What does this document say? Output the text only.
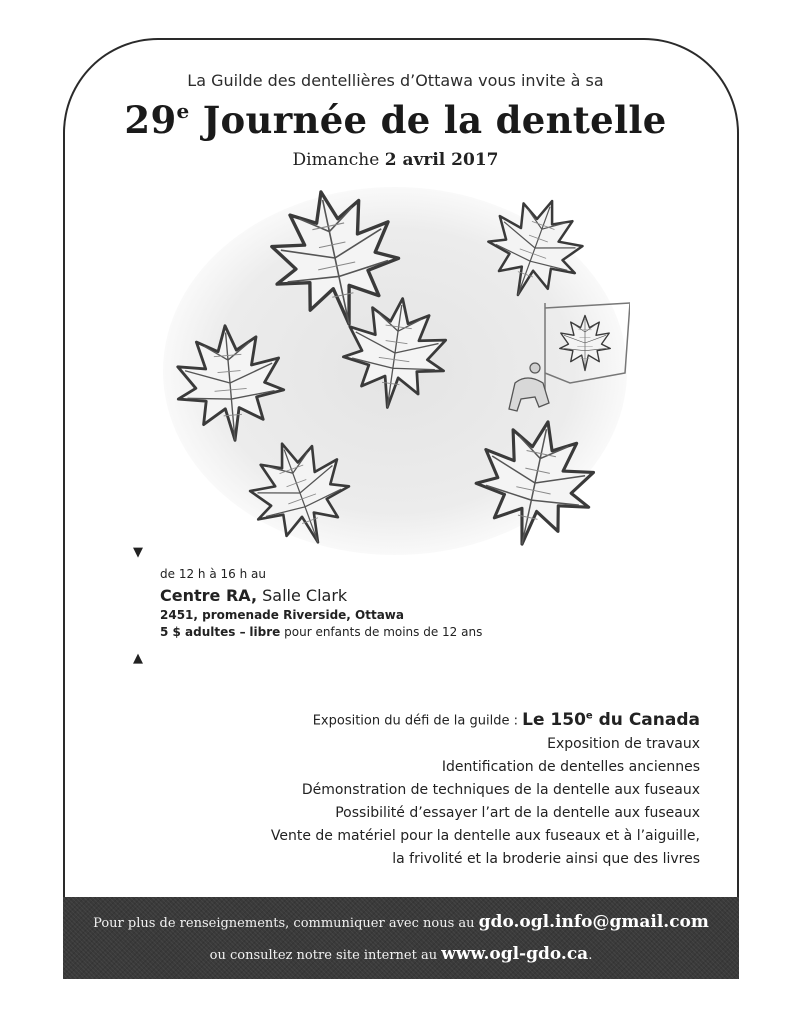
La Guilde des dentellières d’Ottawa vous invite à sa
29e Journée de la dentelle
Dimanche 2 avril 2017
▼
de 12 h à 16 h au
Centre RA, Salle Clark
2451, promenade Riverside, Ottawa
5 $ adultes – libre pour enfants de moins de 12 ans
▲
Exposition du défi de la guilde : Le 150e du Canada
Exposition de travaux
Identification de dentelles anciennes
Démonstration de techniques de la dentelle aux fuseaux
Possibilité d’essayer l’art de la dentelle aux fuseaux
Vente de matériel pour la dentelle aux fuseaux et à l’aiguille,
la frivolité et la broderie ainsi que des livres
Pour plus de renseignements, communiquer avec nous au gdo.ogl.info@gmail.com
ou consultez notre site internet au www.ogl-gdo.ca.
